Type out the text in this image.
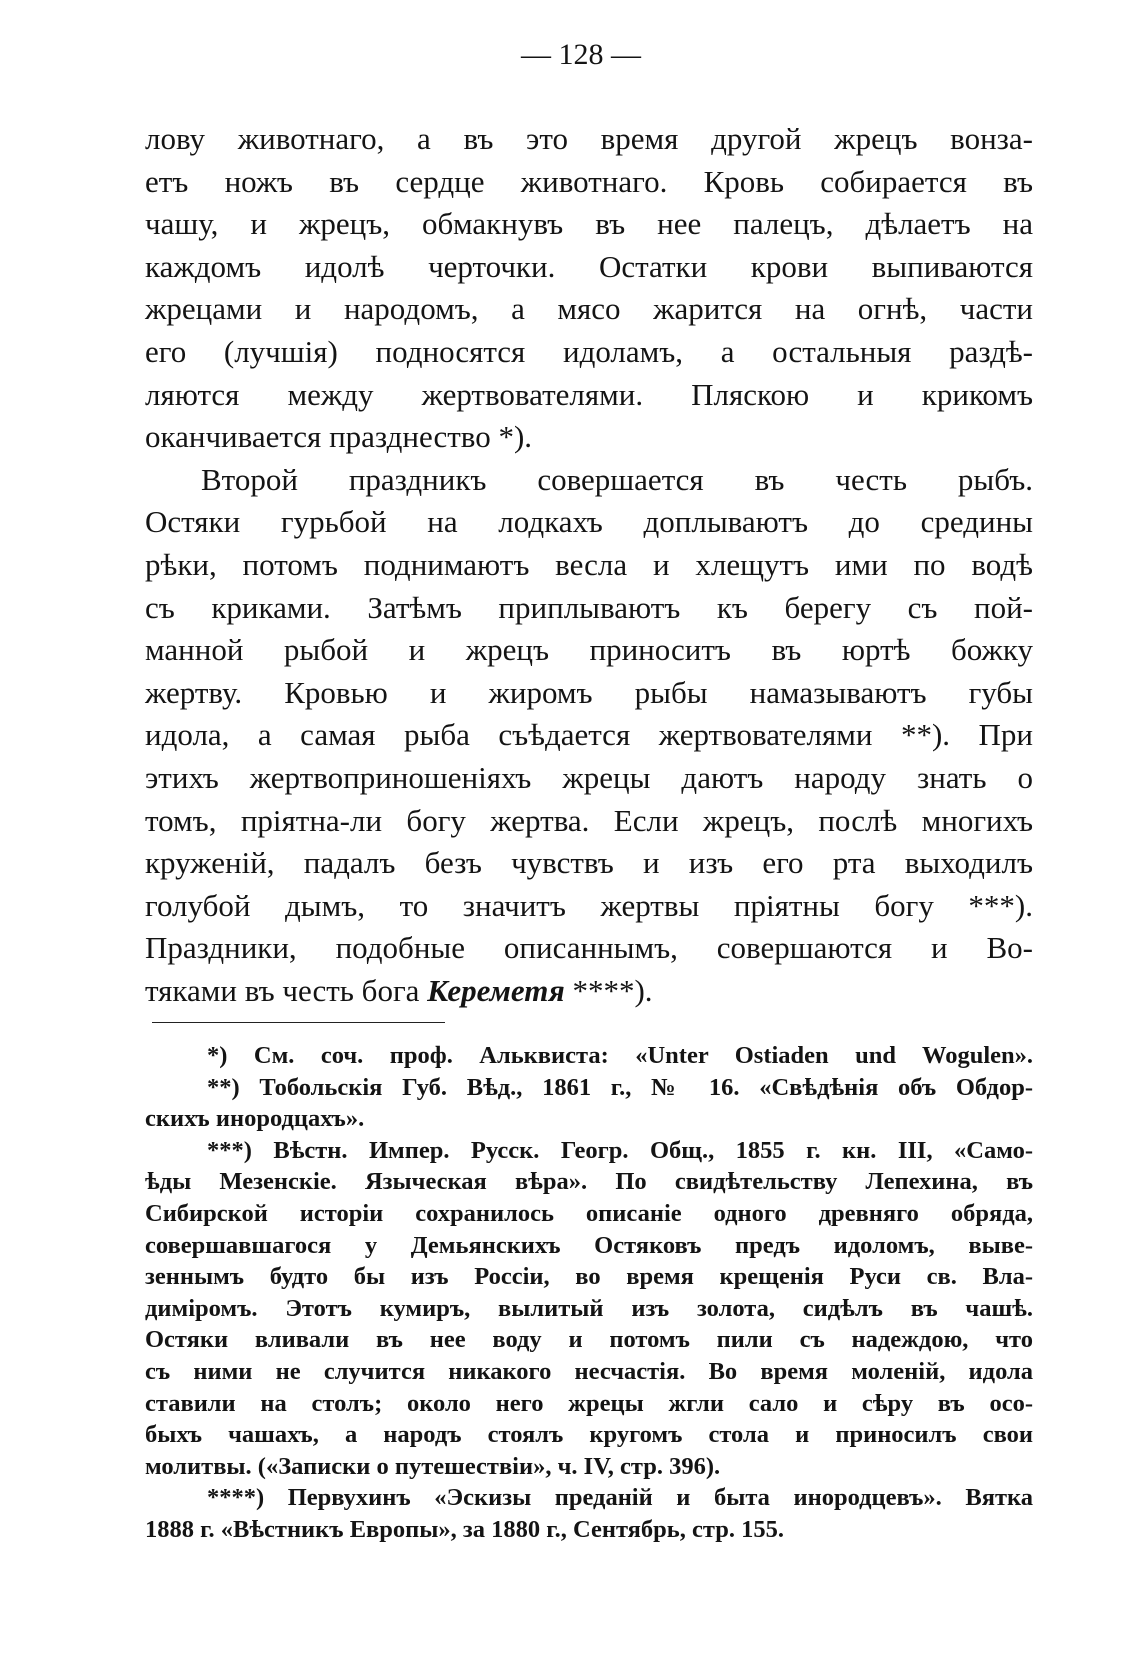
— 128 —
лову животнаго, а въ это время другой жрецъ вонза-
етъ ножъ въ сердце животнаго. Кровь собирается въ
чашу, и жрецъ, обмакнувъ въ нее палецъ, дѣлаетъ на
каждомъ идолѣ черточки. Остатки крови выпиваются
жрецами и народомъ, а мясо жарится на огнѣ, части
его (лучшія) подносятся идоламъ, а остальныя раздѣ-
ляются между жертвователями. Пляскою и крикомъ
оканчивается празднество *).
Второй праздникъ совершается въ честь рыбъ.
Остяки гурьбой на лодкахъ доплываютъ до средины
рѣки, потомъ поднимаютъ весла и хлещутъ ими по водѣ
съ криками. Затѣмъ приплываютъ къ берегу съ пой-
манной рыбой и жрецъ приноситъ въ юртѣ божку
жертву. Кровью и жиромъ рыбы намазываютъ губы
идола, а самая рыба съѣдается жертвователями **). При
этихъ жертвоприношеніяхъ жрецы даютъ народу знать о
томъ, пріятна-ли богу жертва. Если жрецъ, послѣ многихъ
круженій, падалъ безъ чувствъ и изъ его рта выходилъ
голубой дымъ, то значитъ жертвы пріятны богу ***).
Праздники, подобные описаннымъ, совершаются и Во-
тяками въ честь бога Кереметя ****).
*) См. соч. проф. Альквиста: «Unter Ostiaden und Wogulen».
**) Тобольскія Губ. Вѣд., 1861 г., № 16. «Свѣдѣнія объ Обдор-
скихъ инородцахъ».
***) Вѣстн. Импер. Русск. Геогр. Общ., 1855 г. кн. III, «Само-
ѣды Мезенскіе. Языческая вѣра». По свидѣтельству Лепехина, въ
Сибирской исторіи сохранилось описаніе одного древняго обряда,
совершавшагося у Демьянскихъ Остяковъ предъ идоломъ, выве-
зеннымъ будто бы изъ Россіи, во время крещенія Руси св. Вла-
диміромъ. Этотъ кумиръ, вылитый изъ золота, сидѣлъ въ чашѣ.
Остяки вливали въ нее воду и потомъ пили съ надеждою, что
съ ними не случится никакого несчастія. Во время моленій, идола
ставили на столъ; около него жрецы жгли сало и сѣру въ осо-
быхъ чашахъ, а народъ стоялъ кругомъ стола и приносилъ свои
молитвы. («Записки о путешествіи», ч. IV, стр. 396).
****) Первухинъ «Эскизы преданій и быта инородцевъ». Вятка
1888 г. «Вѣстникъ Европы», за 1880 г., Сентябрь, стр. 155.
